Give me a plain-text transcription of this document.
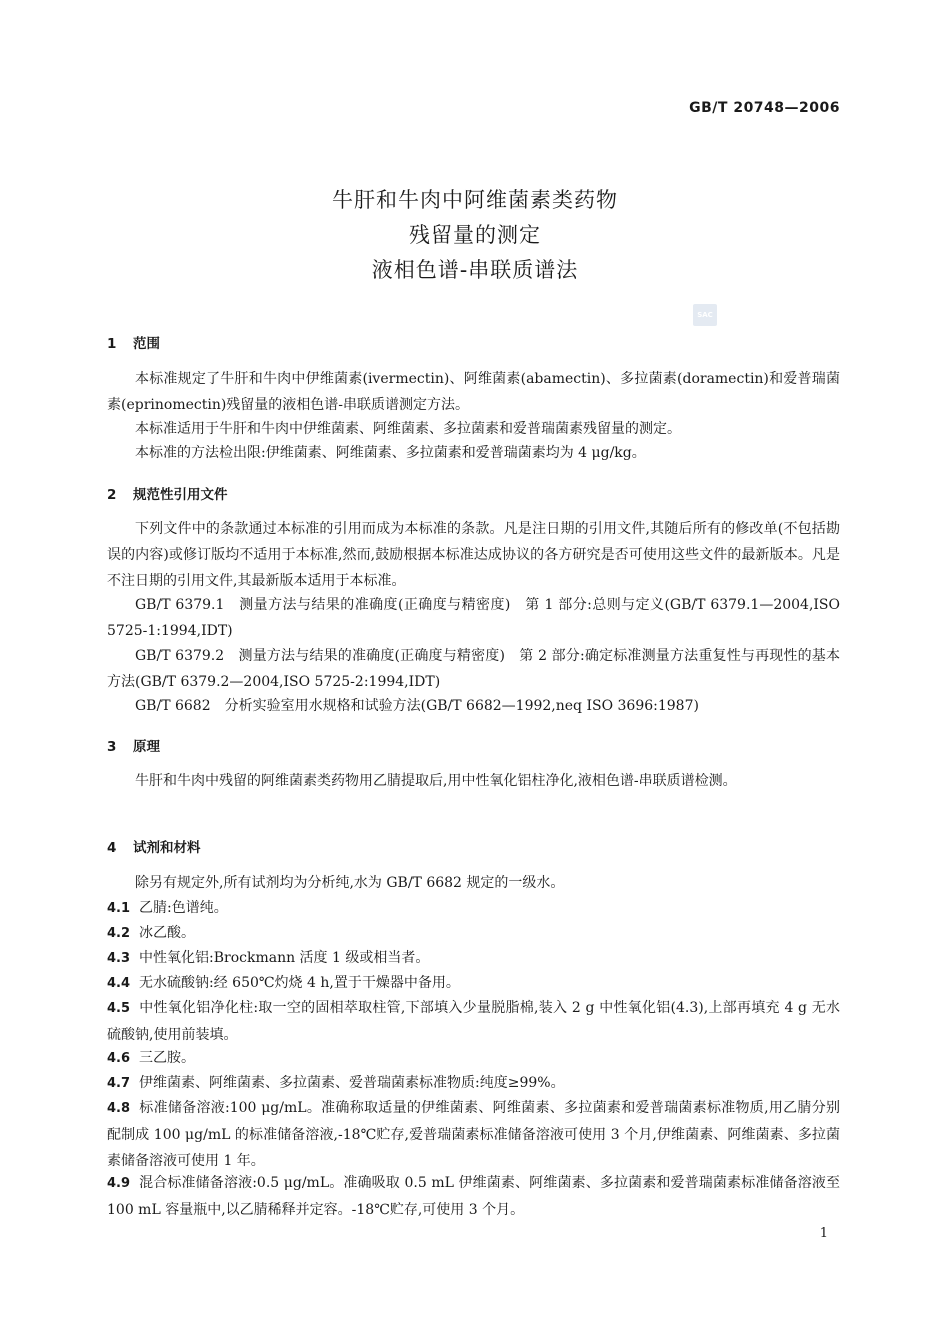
GB/T 20748—2006
牛肝和牛肉中阿维菌素类药物
残留量的测定
液相色谱-串联质谱法
SAC
1 范围
本标准规定了牛肝和牛肉中伊维菌素(ivermectin)、阿维菌素(abamectin)、多拉菌素(doramectin)和爱普瑞菌素(eprinomectin)残留量的液相色谱-串联质谱测定方法。
本标准适用于牛肝和牛肉中伊维菌素、阿维菌素、多拉菌素和爱普瑞菌素残留量的测定。
本标准的方法检出限:伊维菌素、阿维菌素、多拉菌素和爱普瑞菌素均为 4 μg/kg。
2 规范性引用文件
下列文件中的条款通过本标准的引用而成为本标准的条款。凡是注日期的引用文件,其随后所有的修改单(不包括勘误的内容)或修订版均不适用于本标准,然而,鼓励根据本标准达成协议的各方研究是否可使用这些文件的最新版本。凡是不注日期的引用文件,其最新版本适用于本标准。
GB/T 6379.1　测量方法与结果的准确度(正确度与精密度)　第 1 部分:总则与定义(GB/T 6379.1—2004,ISO 5725-1:1994,IDT)
GB/T 6379.2　测量方法与结果的准确度(正确度与精密度)　第 2 部分:确定标准测量方法重复性与再现性的基本方法(GB/T 6379.2—2004,ISO 5725-2:1994,IDT)
GB/T 6682　分析实验室用水规格和试验方法(GB/T 6682—1992,neq ISO 3696:1987)
3 原理
牛肝和牛肉中残留的阿维菌素类药物用乙腈提取后,用中性氧化铝柱净化,液相色谱-串联质谱检测。
4 试剂和材料
除另有规定外,所有试剂均为分析纯,水为 GB/T 6682 规定的一级水。
4.1 乙腈:色谱纯。
4.2 冰乙酸。
4.3 中性氧化铝:Brockmann 活度 1 级或相当者。
4.4 无水硫酸钠:经 650℃灼烧 4 h,置于干燥器中备用。
4.5 中性氧化铝净化柱:取一空的固相萃取柱管,下部填入少量脱脂棉,装入 2 g 中性氧化铝(4.3),上部再填充 4 g 无水硫酸钠,使用前装填。
4.6 三乙胺。
4.7 伊维菌素、阿维菌素、多拉菌素、爱普瑞菌素标准物质:纯度≥99%。
4.8 标准储备溶液:100 μg/mL。准确称取适量的伊维菌素、阿维菌素、多拉菌素和爱普瑞菌素标准物质,用乙腈分别配制成 100 μg/mL 的标准储备溶液,-18℃贮存,爱普瑞菌素标准储备溶液可使用 3 个月,伊维菌素、阿维菌素、多拉菌素储备溶液可使用 1 年。
4.9 混合标准储备溶液:0.5 μg/mL。准确吸取 0.5 mL 伊维菌素、阿维菌素、多拉菌素和爱普瑞菌素标准储备溶液至 100 mL 容量瓶中,以乙腈稀释并定容。-18℃贮存,可使用 3 个月。
1
